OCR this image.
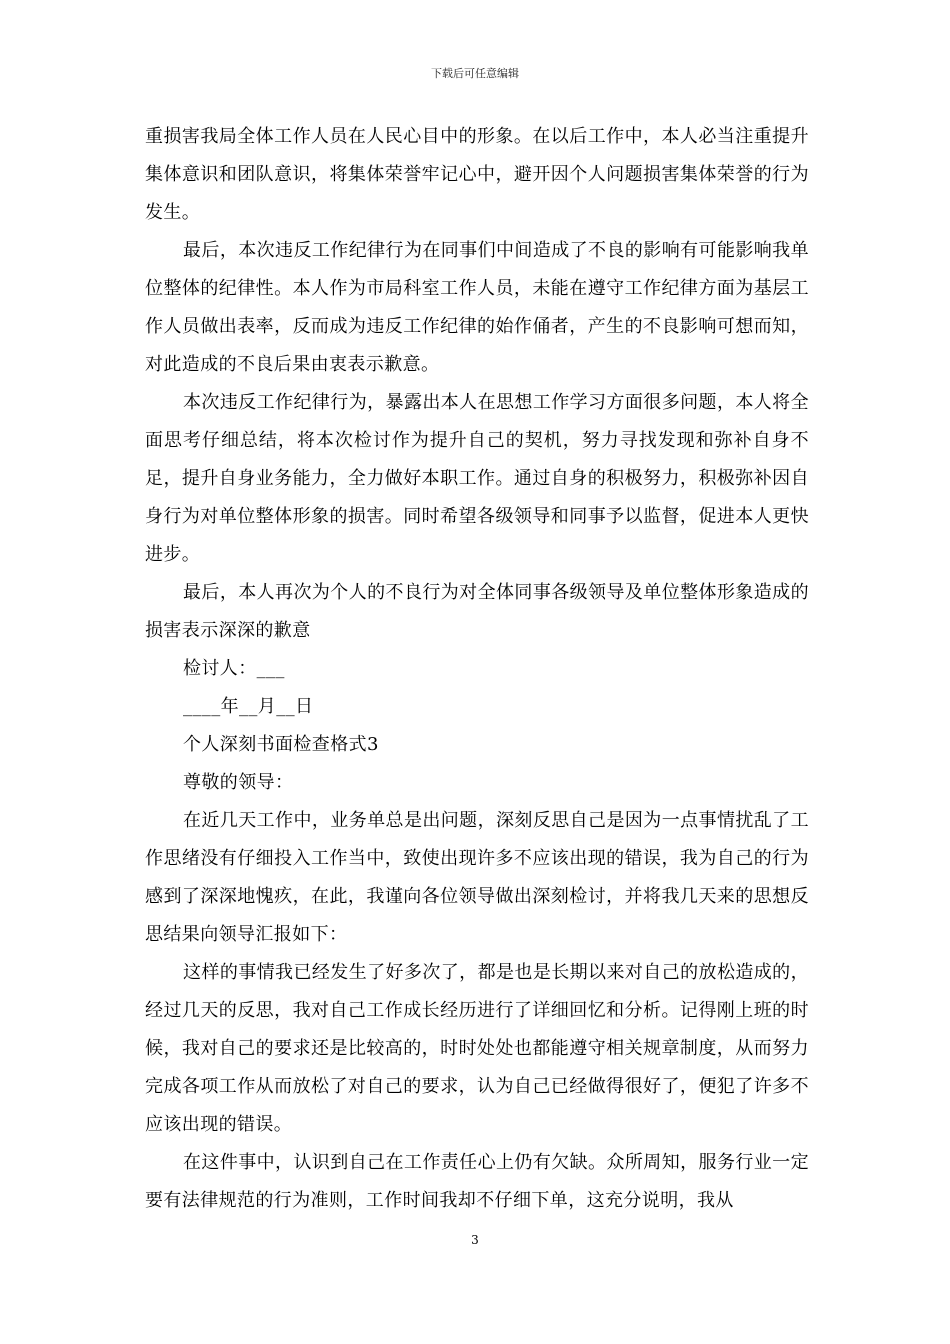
下载后可任意编辑

重损害我局全体工作人员在人民心目中的形象。在以后工作中，本人必当注重提升集体意识和团队意识，将集体荣誉牢记心中，避开因个人问题损害集体荣誉的行为发生。

最后，本次违反工作纪律行为在同事们中间造成了不良的影响有可能影响我单位整体的纪律性。本人作为市局科室工作人员，未能在遵守工作纪律方面为基层工作人员做出表率，反而成为违反工作纪律的始作俑者，产生的不良影响可想而知，对此造成的不良后果由衷表示歉意。

本次违反工作纪律行为，暴露出本人在思想工作学习方面很多问题，本人将全面思考仔细总结，将本次检讨作为提升自己的契机，努力寻找发现和弥补自身不足，提升自身业务能力，全力做好本职工作。通过自身的积极努力，积极弥补因自身行为对单位整体形象的损害。同时希望各级领导和同事予以监督，促进本人更快进步。

最后，本人再次为个人的不良行为对全体同事各级领导及单位整体形象造成的损害表示深深的歉意

检讨人：___

____年__月__日

个人深刻书面检查格式3

尊敬的领导：

在近几天工作中，业务单总是出问题，深刻反思自己是因为一点事情扰乱了工作思绪没有仔细投入工作当中，致使出现许多不应该出现的错误，我为自己的行为感到了深深地愧疚，在此，我谨向各位领导做出深刻检讨，并将我几天来的思想反思结果向领导汇报如下：

这样的事情我已经发生了好多次了，都是也是长期以来对自己的放松造成的，经过几天的反思，我对自己工作成长经历进行了详细回忆和分析。记得刚上班的时候，我对自己的要求还是比较高的，时时处处也都能遵守相关规章制度，从而努力完成各项工作从而放松了对自己的要求，认为自己已经做得很好了，便犯了许多不应该出现的错误。

在这件事中，认识到自己在工作责任心上仍有欠缺。众所周知，服务行业一定要有法律规范的行为准则，工作时间我却不仔细下单，这充分说明，我从

3
